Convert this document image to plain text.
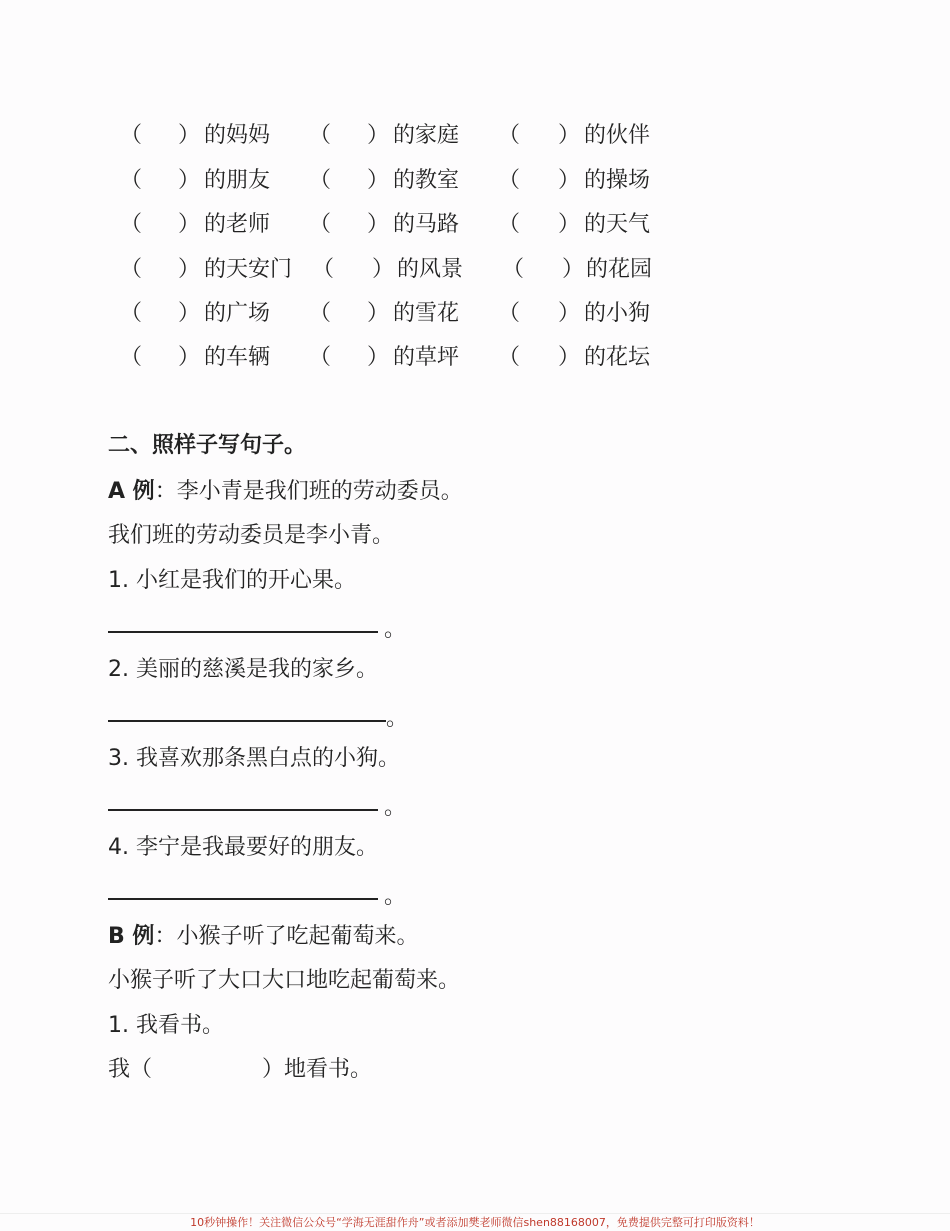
（ ） 的妈妈 （ ） 的家庭 （ ） 的伙伴
（ ） 的朋友 （ ） 的教室 （ ） 的操场
（ ） 的老师 （ ） 的马路 （ ） 的天气
（ ） 的天安门 （ ） 的风景 （ ） 的花园
（ ） 的广场 （ ） 的雪花 （ ） 的小狗
（ ） 的车辆 （ ） 的草坪 （ ） 的花坛
二、照样子写句子。
A 例：李小青是我们班的劳动委员。
我们班的劳动委员是李小青。
1. 小红是我们的开心果。
。
2. 美丽的慈溪是我的家乡。
。
3. 我喜欢那条黑白点的小狗。
。
4. 李宁是我最要好的朋友。
。
B 例：小猴子听了吃起葡萄来。
小猴子听了大口大口地吃起葡萄来。
1. 我看书。
我（	）地看书。
10秒钟操作！关注微信公众号“学海无涯甜作舟”或者添加樊老师微信shen88168007，免费提供完整可打印版资料！
